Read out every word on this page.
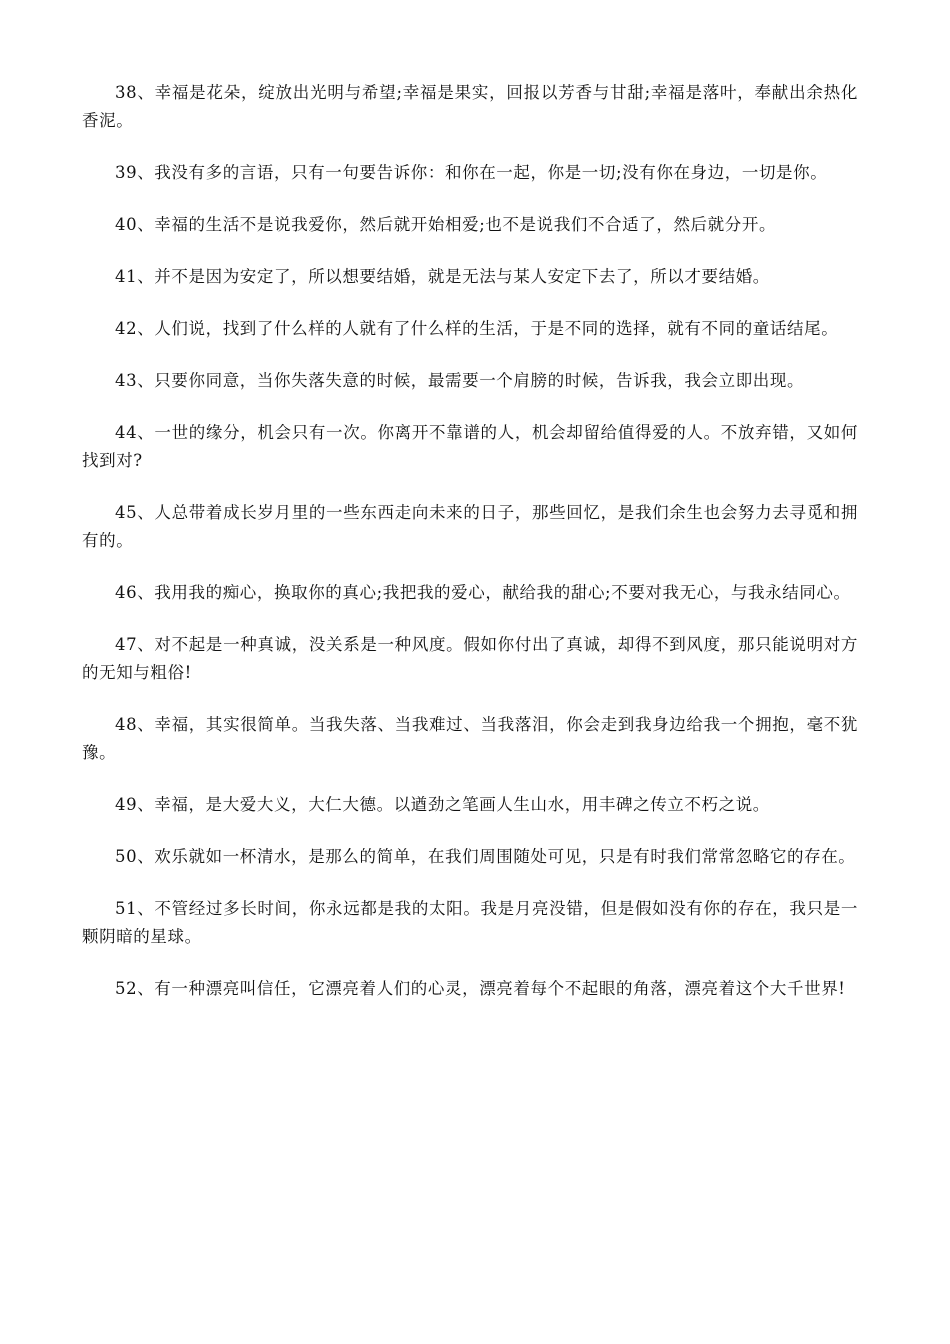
38、幸福是花朵，绽放出光明与希望;幸福是果实，回报以芳香与甘甜;幸福是落叶，奉献出余热化香泥。

39、我没有多的言语，只有一句要告诉你：和你在一起，你是一切;没有你在身边，一切是你。

40、幸福的生活不是说我爱你，然后就开始相爱;也不是说我们不合适了，然后就分开。

41、并不是因为安定了，所以想要结婚，就是无法与某人安定下去了，所以才要结婚。

42、人们说，找到了什么样的人就有了什么样的生活，于是不同的选择，就有不同的童话结尾。

43、只要你同意，当你失落失意的时候，最需要一个肩膀的时候，告诉我，我会立即出现。

44、一世的缘分，机会只有一次。你离开不靠谱的人，机会却留给值得爱的人。不放弃错，又如何找到对?

45、人总带着成长岁月里的一些东西走向未来的日子，那些回忆，是我们余生也会努力去寻觅和拥有的。

46、我用我的痴心，换取你的真心;我把我的爱心，献给我的甜心;不要对我无心，与我永结同心。

47、对不起是一种真诚，没关系是一种风度。假如你付出了真诚，却得不到风度，那只能说明对方的无知与粗俗!

48、幸福，其实很简单。当我失落、当我难过、当我落泪，你会走到我身边给我一个拥抱，毫不犹豫。

49、幸福，是大爱大义，大仁大德。以遒劲之笔画人生山水，用丰碑之传立不朽之说。

50、欢乐就如一杯清水，是那么的简单，在我们周围随处可见，只是有时我们常常忽略它的存在。

51、不管经过多长时间，你永远都是我的太阳。我是月亮没错，但是假如没有你的存在，我只是一颗阴暗的星球。

52、有一种漂亮叫信任，它漂亮着人们的心灵，漂亮着每个不起眼的角落，漂亮着这个大千世界!
